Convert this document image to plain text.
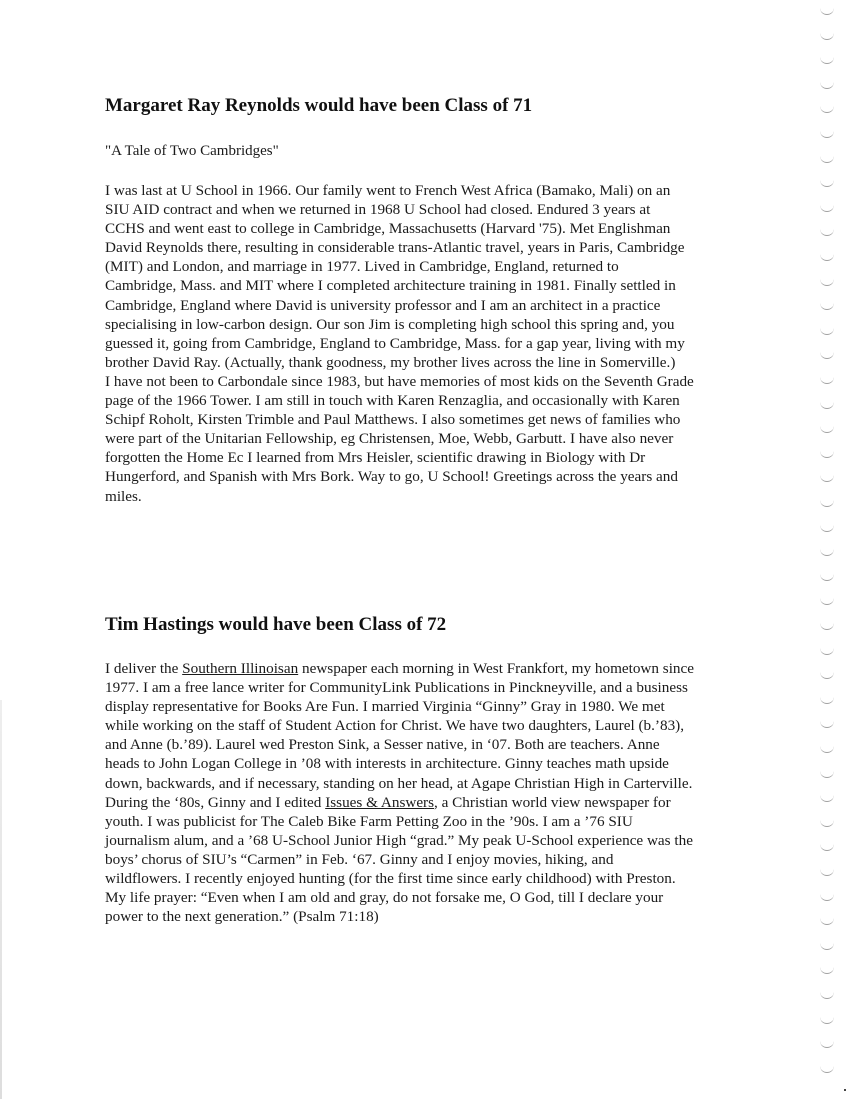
Margaret Ray Reynolds would have been Class of 71

"A Tale of Two Cambridges"

I was last at U School in 1966. Our family went to French West Africa (Bamako, Mali) on an
SIU AID contract and when we returned in 1968 U School had closed. Endured 3 years at
CCHS and went east to college in Cambridge, Massachusetts (Harvard '75). Met Englishman
David Reynolds there, resulting in considerable trans-Atlantic travel, years in Paris, Cambridge
(MIT) and London, and marriage in 1977. Lived in Cambridge, England, returned to
Cambridge, Mass. and MIT where I completed architecture training in 1981. Finally settled in
Cambridge, England where David is university professor and I am an architect in a practice
specialising in low-carbon design. Our son Jim is completing high school this spring and, you
guessed it, going from Cambridge, England to Cambridge, Mass. for a gap year, living with my
brother David Ray. (Actually, thank goodness, my brother lives across the line in Somerville.)
I have not been to Carbondale since 1983, but have memories of most kids on the Seventh Grade
page of the 1966 Tower. I am still in touch with Karen Renzaglia, and occasionally with Karen
Schipf Roholt, Kirsten Trimble and Paul Matthews. I also sometimes get news of families who
were part of the Unitarian Fellowship, eg Christensen, Moe, Webb, Garbutt. I have also never
forgotten the Home Ec I learned from Mrs Heisler, scientific drawing in Biology with Dr
Hungerford, and Spanish with Mrs Bork. Way to go, U School! Greetings across the years and
miles.
Tim Hastings would have been Class of 72
I deliver the Southern Illinoisan newspaper each morning in West Frankfort, my hometown since
1977. I am a free lance writer for CommunityLink Publications in Pinckneyville, and a business
display representative for Books Are Fun. I married Virginia “Ginny” Gray in 1980. We met
while working on the staff of Student Action for Christ. We have two daughters, Laurel (b.’83),
and Anne (b.’89). Laurel wed Preston Sink, a Sesser native, in ‘07. Both are teachers. Anne
heads to John Logan College in ’08 with interests in architecture. Ginny teaches math upside
down, backwards, and if necessary, standing on her head, at Agape Christian High in Carterville.
During the ‘80s, Ginny and I edited Issues & Answers, a Christian world view newspaper for
youth. I was publicist for The Caleb Bike Farm Petting Zoo in the ’90s. I am a ’76 SIU
journalism alum, and a ’68 U-School Junior High “grad.” My peak U-School experience was the
boys’ chorus of SIU’s “Carmen” in Feb. ‘67. Ginny and I enjoy movies, hiking, and
wildflowers. I recently enjoyed hunting (for the first time since early childhood) with Preston.
My life prayer: “Even when I am old and gray, do not forsake me, O God, till I declare your
power to the next generation.” (Psalm 71:18)
